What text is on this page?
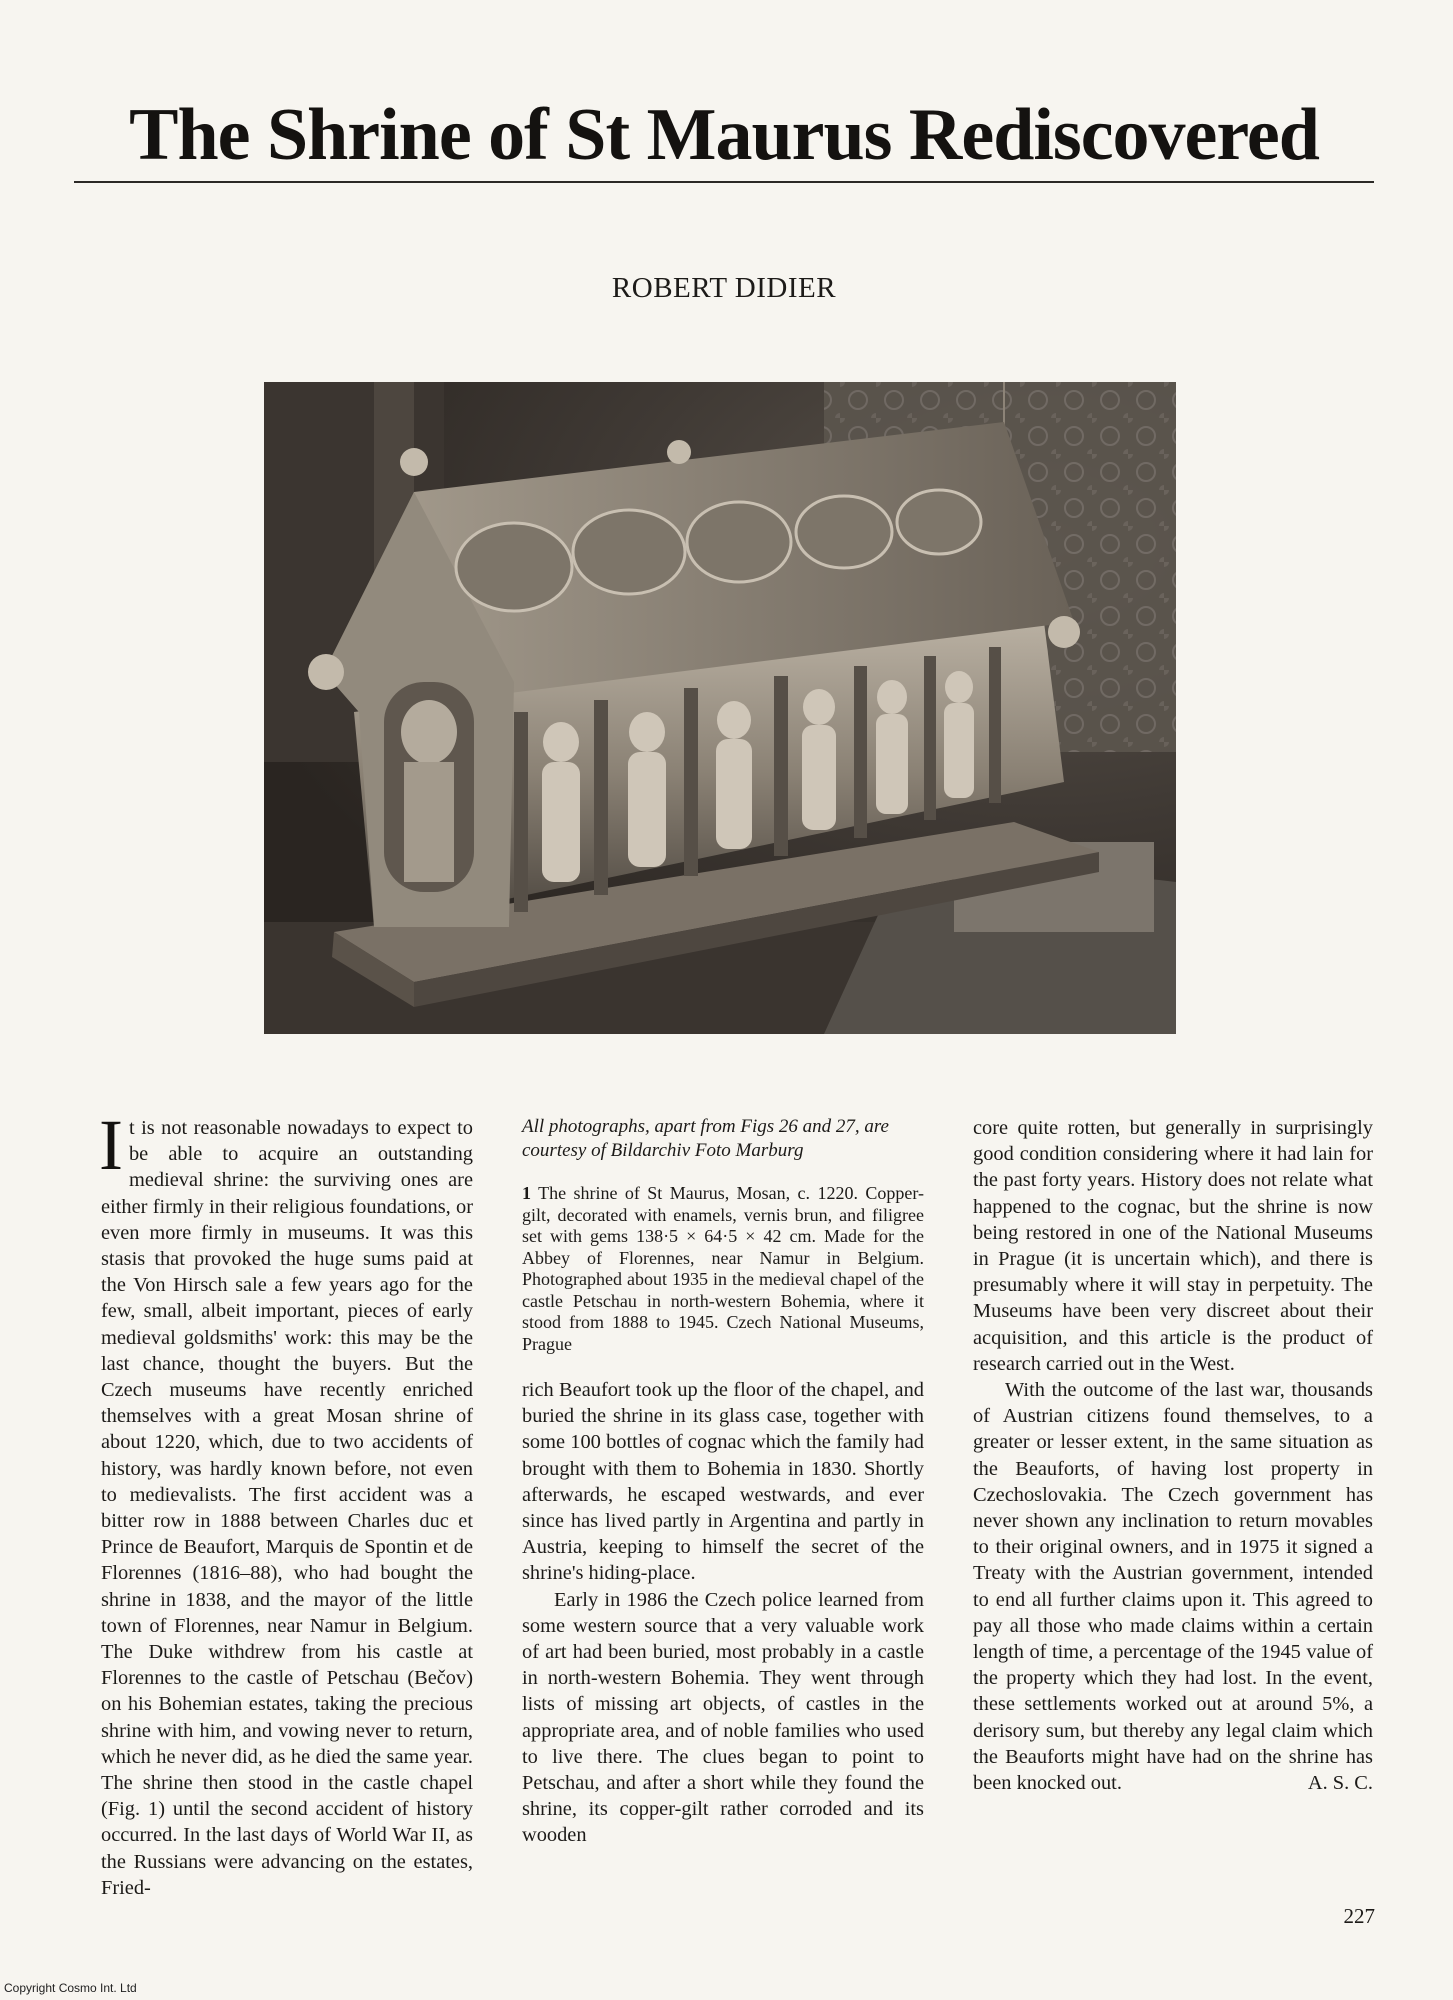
The Shrine of St Maurus Rediscovered
ROBERT DIDIER

It is not reasonable nowadays to expect to be able to acquire an outstanding medieval shrine: the surviving ones are either firmly in their religious foundations, or even more firmly in museums. It was this stasis that provoked the huge sums paid at the Von Hirsch sale a few years ago for the few, small, albeit important, pieces of early medieval goldsmiths' work: this may be the last chance, thought the buyers. But the Czech museums have recently enriched themselves with a great Mosan shrine of about 1220, which, due to two accidents of history, was hardly known before, not even to medievalists. The first accident was a bitter row in 1888 between Charles duc et Prince de Beaufort, Marquis de Spontin et de Florennes (1816–88), who had bought the shrine in 1838, and the mayor of the little town of Florennes, near Namur in Belgium. The Duke withdrew from his castle at Florennes to the castle of Petschau (Bečov) on his Bohemian estates, taking the precious shrine with him, and vowing never to return, which he never did, as he died the same year. The shrine then stood in the castle chapel (Fig. 1) until the second accident of history occurred. In the last days of World War II, as the Russians were advancing on the estates, Fried-

All photographs, apart from Figs 26 and 27, are courtesy of Bildarchiv Foto Marburg
1 The shrine of St Maurus, Mosan, c. 1220. Copper-gilt, decorated with enamels, vernis brun, and filigree set with gems 138·5 × 64·5 × 42 cm. Made for the Abbey of Florennes, near Namur in Belgium. Photographed about 1935 in the medieval chapel of the castle Petschau in north-western Bohemia, where it stood from 1888 to 1945. Czech National Museums, Prague

rich Beaufort took up the floor of the chapel, and buried the shrine in its glass case, together with some 100 bottles of cognac which the family had brought with them to Bohemia in 1830. Shortly afterwards, he escaped westwards, and ever since has lived partly in Argentina and partly in Austria, keeping to himself the secret of the shrine's hiding-place.

Early in 1986 the Czech police learned from some western source that a very valuable work of art had been buried, most probably in a castle in north-western Bohemia. They went through lists of missing art objects, of castles in the appropriate area, and of noble families who used to live there. The clues began to point to Petschau, and after a short while they found the shrine, its copper-gilt rather corroded and its wooden

core quite rotten, but generally in surprisingly good condition considering where it had lain for the past forty years. History does not relate what happened to the cognac, but the shrine is now being restored in one of the National Museums in Prague (it is uncertain which), and there is presumably where it will stay in perpetuity. The Museums have been very discreet about their acquisition, and this article is the product of research carried out in the West.

With the outcome of the last war, thousands of Austrian citizens found themselves, to a greater or lesser extent, in the same situation as the Beauforts, of having lost property in Czechoslovakia. The Czech government has never shown any inclination to return movables to their original owners, and in 1975 it signed a Treaty with the Austrian government, intended to end all further claims upon it. This agreed to pay all those who made claims within a certain length of time, a percentage of the 1945 value of the property which they had lost. In the event, these settlements worked out at around 5%, a derisory sum, but thereby any legal claim which the Beauforts might have had on the shrine has been knocked out.	A. S. C.

227
Copyright Cosmo Int. Ltd
